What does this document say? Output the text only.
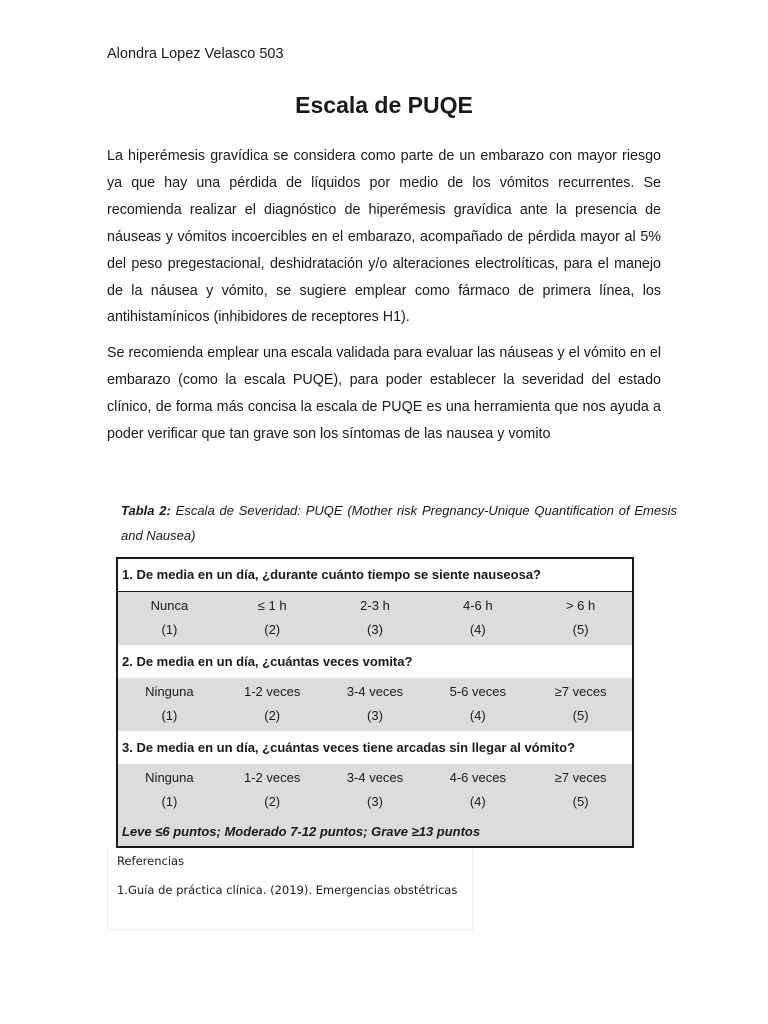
Alondra Lopez Velasco 503
Escala de PUQE

La hiperémesis gravídica se considera como parte de un embarazo con mayor riesgo ya que hay una pérdida de líquidos por medio de los vómitos recurrentes. Se recomienda realizar el diagnóstico de hiperémesis gravídica ante la presencia de náuseas y vómitos incoercibles en el embarazo, acompañado de pérdida mayor al 5% del peso pregestacional, deshidratación y/o alteraciones electrolíticas, para el manejo de la náusea y vómito, se sugiere emplear como fármaco de primera línea, los antihistamínicos (inhibidores de receptores H1).

Se recomienda emplear una escala validada para evaluar las náuseas y el vómito en el embarazo (como la escala PUQE), para poder establecer la severidad del estado clínico, de forma más concisa la escala de PUQE es una herramienta que nos ayuda a poder verificar que tan grave son los síntomas de las nausea y vomito

Tabla 2: Escala de Severidad: PUQE (Mother risk Pregnancy-Unique Quantification of Emesis and Nausea)

1. De media en un día, ¿durante cuánto tiempo se siente nauseosa?
Nunca	≤ 1 h	2-3 h	4-6 h	> 6 h
(1)	(2)	(3)	(4)	(5)
2. De media en un día, ¿cuántas veces vomita?
Ninguna	1-2 veces	3-4 veces	5-6 veces	≥7 veces
(1)	(2)	(3)	(4)	(5)
3. De media en un día, ¿cuántas veces tiene arcadas sin llegar al vómito?
Ninguna	1-2 veces	3-4 veces	4-6 veces	≥7 veces
(1)	(2)	(3)	(4)	(5)
Leve ≤6 puntos; Moderado 7-12 puntos; Grave ≥13 puntos
Referencias
1.Guía de práctica clínica. (2019). Emergencias obstétricas
